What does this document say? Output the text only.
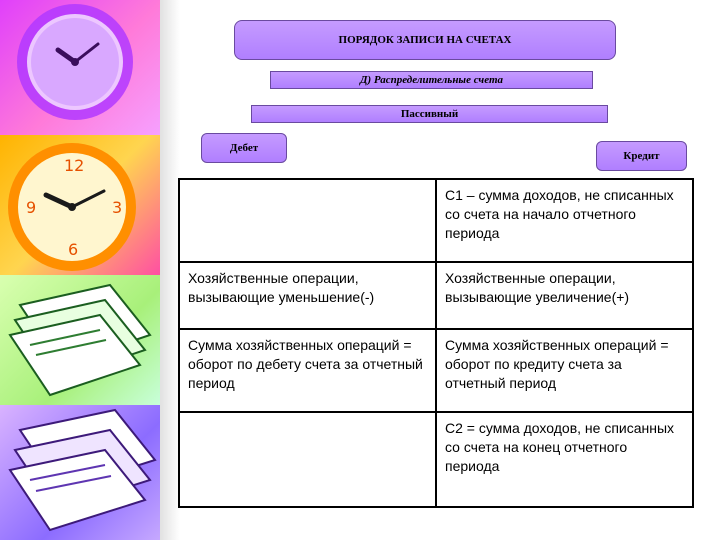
12
9	3
6
ПОРЯДОК ЗАПИСИ НА СЧЕТАХ
Д) Распределительные счета
Пассивный
Дебет
Кредит
	С1 – сумма доходов, не списанных со счета на начало отчетного периода
Хозяйственные операции, вызывающие уменьшение(-)	Хозяйственные операции, вызывающие увеличение(+)
Сумма хозяйственных операций = оборот по дебету счета за отчетный период	Сумма хозяйственных операций = оборот по кредиту счета за отчетный период
	С2 = сумма доходов, не списанных со счета на конец отчетного периода
